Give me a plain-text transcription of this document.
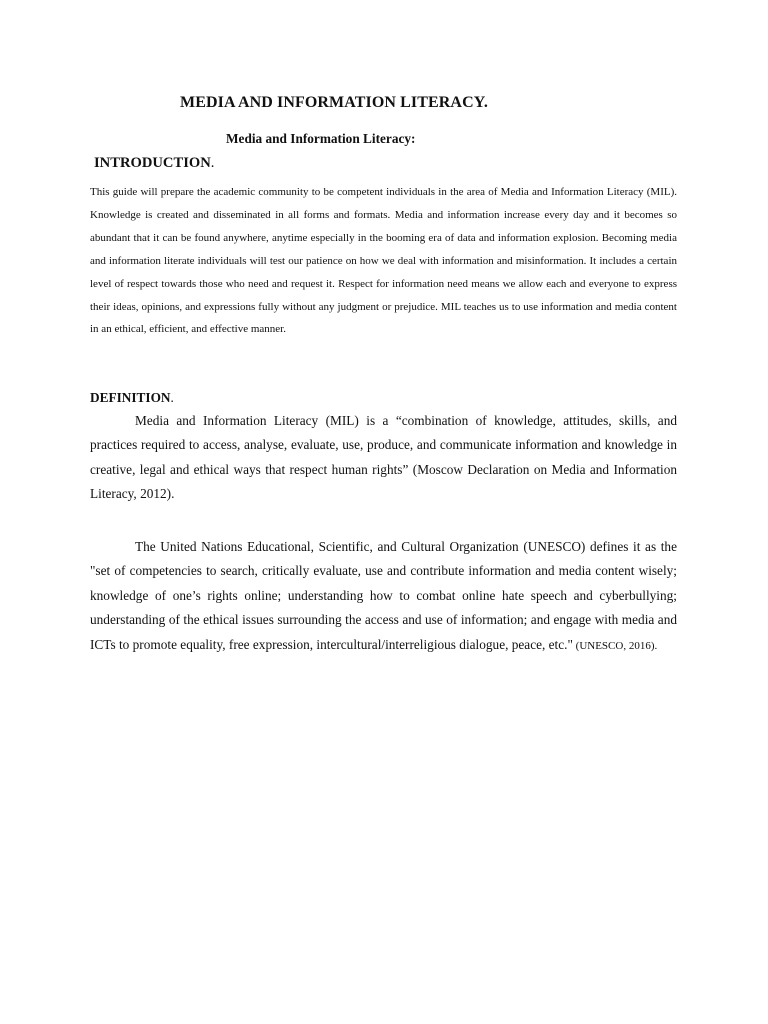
MEDIA AND INFORMATION LITERACY.
Media and Information Literacy:
INTRODUCTION.
This guide will prepare the academic community to be competent individuals in the area of Media and Information Literacy (MIL). Knowledge is created and disseminated in all forms and formats. Media and information increase every day and it becomes so abundant that it can be found anywhere, anytime especially in the booming era of data and information explosion. Becoming media and information literate individuals will test our patience on how we deal with information and misinformation. It includes a certain level of respect towards those who need and request it. Respect for information need means we allow each and everyone to express their ideas, opinions, and expressions fully without any judgment or prejudice. MIL teaches us to use information and media content in an ethical, efficient, and effective manner.
DEFINITION.
Media and Information Literacy (MIL) is a “combination of knowledge, attitudes, skills, and practices required to access, analyse, evaluate, use, produce, and communicate information and knowledge in creative, legal and ethical ways that respect human rights” (Moscow Declaration on Media and Information Literacy, 2012).
The United Nations Educational, Scientific, and Cultural Organization (UNESCO) defines it as the "set of competencies to search, critically evaluate, use and contribute information and media content wisely; knowledge of one’s rights online; understanding how to combat online hate speech and cyberbullying; understanding of the ethical issues surrounding the access and use of information; and engage with media and ICTs to promote equality, free expression, intercultural/interreligious dialogue, peace, etc." (UNESCO, 2016).
